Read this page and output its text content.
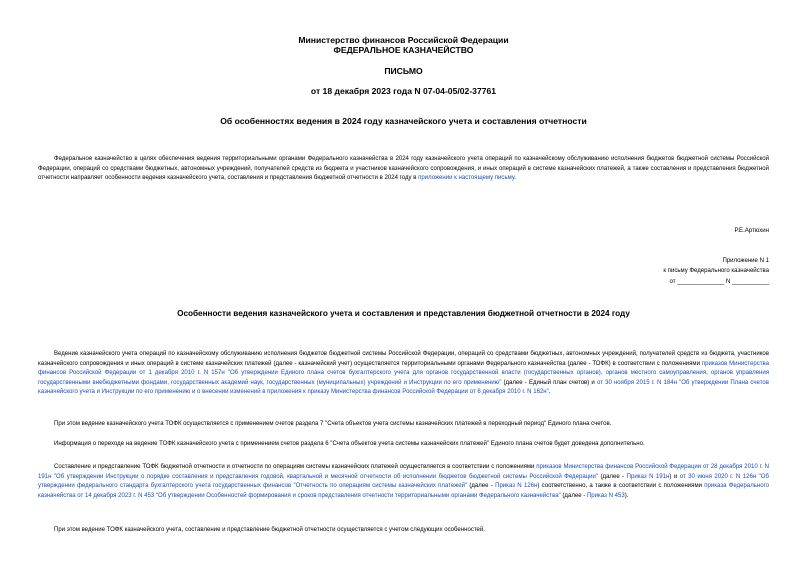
Министерство финансов Российской Федерации
ФЕДЕРАЛЬНОЕ КАЗНАЧЕЙСТВО
ПИСЬМО
от 18 декабря 2023 года N 07-04-05/02-37761
Об особенностях ведения в 2024 году казначейского учета и составления отчетности
Федеральное казначейство в целях обеспечения ведения территориальными органами Федерального казначейства в 2024 году казначейского учета операций по казначейскому обслуживанию исполнения бюджетов бюджетной системы Российской Федерации, операций со средствами бюджетных, автономных учреждений, получателей средств из бюджета и участников казначейского сопровождения, и иных операций в системе казначейских платежей, а также составления и представления бюджетной отчетности направляет особенности ведения казначейского учета, составления и представления бюджетной отчетности в 2024 году в приложении к настоящему письму.
Р.Е.Артюхин
Приложение N 1
к письму Федерального казначейства
от ______________ N ___________
Особенности ведения казначейского учета и составления и представления бюджетной отчетности в 2024 году
Ведение казначейского учета операций по казначейскому обслуживанию исполнения бюджетов бюджетной системы Российской Федерации, операций со средствами бюджетных, автономных учреждений, получателей средств из бюджета, участников казначейского сопровождения и иных операций в системе казначейских платежей (далее - казначейский учет) осуществляется территориальными органами Федерального казначейства (далее - ТОФК) в соответствии с положениями приказов Министерства финансов Российской Федерации от 1 декабря 2010 г. N 157н "Об утверждении Единого плана счетов бухгалтерского учета для органов государственной власти (государственных органов), органов местного самоуправления, органов управления государственными внебюджетными фондами, государственных академий наук, государственных (муниципальных) учреждений и Инструкции по его применению" (далее - Единый план счетов) и от 30 ноября 2015 г. N 184н "Об утверждении Плана счетов казначейского учета и Инструкции по его применению и о внесении изменений в приложения к приказу Министерства финансов Российской Федерации от 6 декабря 2010 г. N 162н".
При этом ведение казначейского учета ТОФК осуществляется с применением счетов раздела 7 "Счета объектов учета системы казначейских платежей в переходный период" Единого плана счетов.
Информация о переходе на ведение ТОФК казначейского учета с применением счетов раздела 6 "Счета объектов учета системы казначейских платежей" Единого плана счетов будет доведена дополнительно.
Составление и представление ТОФК бюджетной отчетности и отчетности по операциям системы казначейских платежей осуществляется в соответствии с положениями приказов Министерства финансов Российской Федерации от 28 декабря 2010 г. N 191н "Об утверждении Инструкции о порядке составления и представления годовой, квартальной и месячной отчетности об исполнении бюджетов бюджетной системы Российской Федерации" (далее - Приказ N 191н) и от 30 июня 2020 г. N 126н "Об утверждении федерального стандарта бухгалтерского учета государственных финансов "Отчетность по операциям системы казначейских платежей" (далее - Приказ N 126н) соответственно, а также в соответствии с положениями приказа Федерального казначейства от 14 декабря 2023 г. N 453 "Об утверждении Особенностей формирования и сроков представления отчетности территориальными органами Федерального казначейства" (далее - Приказ N 453).
При этом ведение ТОФК казначейского учета, составление и представление бюджетной отчетности осуществляется с учетом следующих особенностей.
